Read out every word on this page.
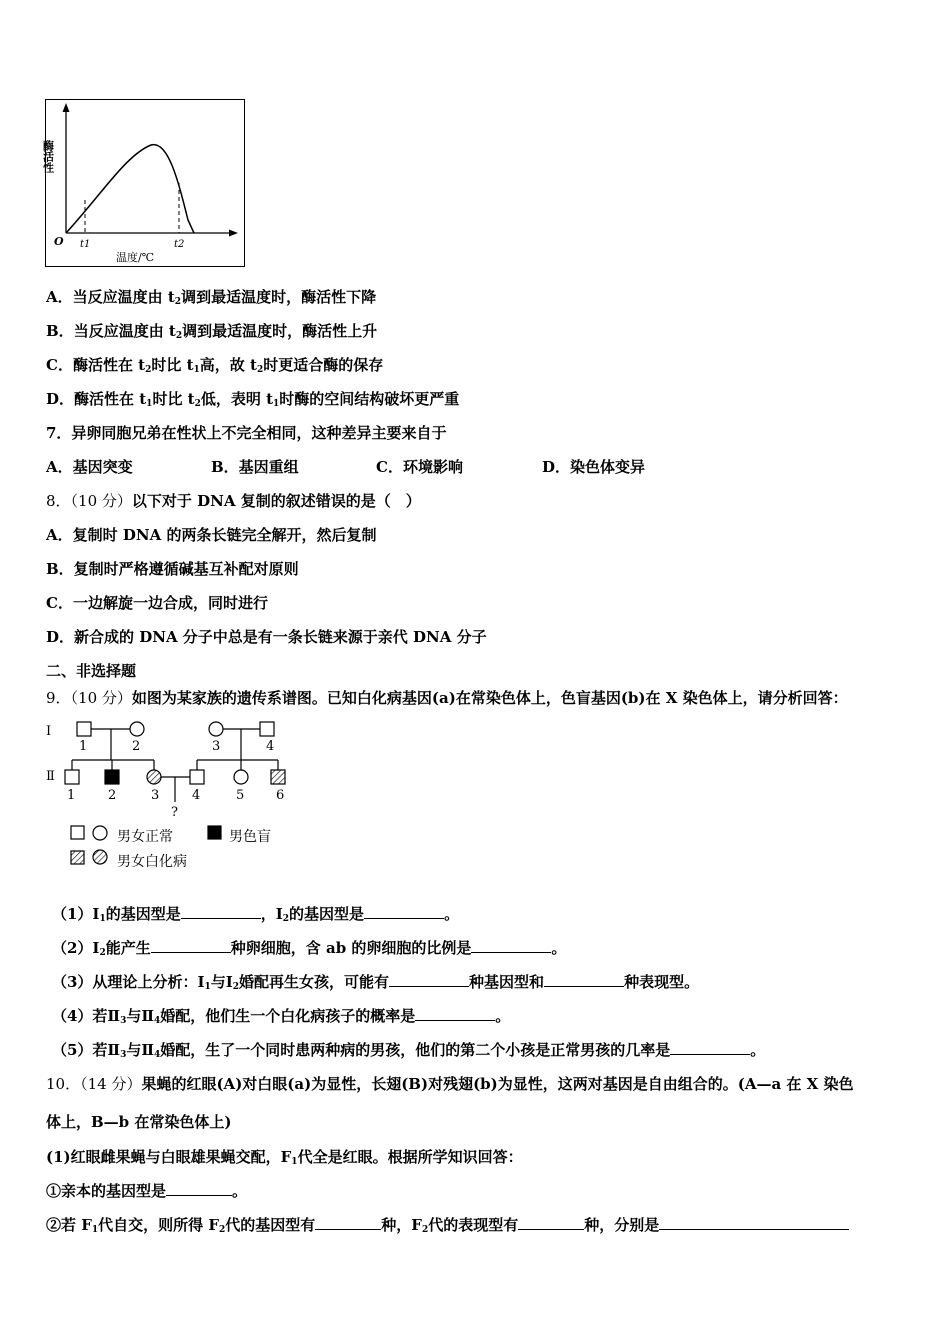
酶活性
O t1	t2
温度/℃
A．当反应温度由 $t_2$调到最适温度时，酶活性下降
B．当反应温度由 $t_2$调到最适温度时，酶活性上升
C．酶活性在 $t_2$时比 $t_1$高，故 $t_2$时更适合酶的保存
D．酶活性在 $t_1$时比 $t_2$低，表明 $t_1$时酶的空间结构破坏更严重
7．异卵同胞兄弟在性状上不完全相同，这种差异主要来自于
A．基因突变	B．基因重组	C．环境影响	D．染色体变异
8．（10 分）以下对于 DNA 复制的叙述错误的是（　）
A．复制时 DNA 的两条长链完全解开，然后复制
B．复制时严格遵循碱基互补配对原则
C．一边解旋一边合成，同时进行
D．新合成的 DNA 分子中总是有一条长链来源于亲代 DNA 分子
二、非选择题
9．（10 分）如图为某家族的遗传系谱图。已知白化病基因(a)在常染色体上，色盲基因(b)在 X 染色体上，请分析回答：
Ⅰ
Ⅱ
1	2	3	4
1	2	3	4	5 6
?
男女正常	男色盲
男女白化病
$(1)Ⅰ_1$的基因型是	，$Ⅰ_2$的基因型是	。
$(2)Ⅰ_2$能产生	种卵细胞，含 ab 的卵细胞的比例是	。
（3）从理论上分析：$Ⅰ_1$与$Ⅰ_2$婚配再生女孩，可能有	种基因型和	种表现型。
（4）若$Ⅱ_3$与$Ⅱ_4$婚配，他们生一个白化病孩子的概率是	。
（5）若$Ⅱ_3$与$Ⅱ_4$婚配，生了一个同时患两种病的男孩，他们的第二个小孩是正常男孩的几率是	。
10．（14 分）果蝇的红眼(A)对白眼(a)为显性，长翅(B)对残翅(b)为显性，这两对基因是自由组合的。(A—a 在 X 染色
体上，B—b 在常染色体上)
(1)红眼雌果蝇与白眼雄果蝇交配，$F_1$代全是红眼。根据所学知识回答：
①亲本的基因型是	。
②若 $F_1$代自交，则所得 $F_2$代的基因型有	种，$F_2$代的表现型有	种，分别是
